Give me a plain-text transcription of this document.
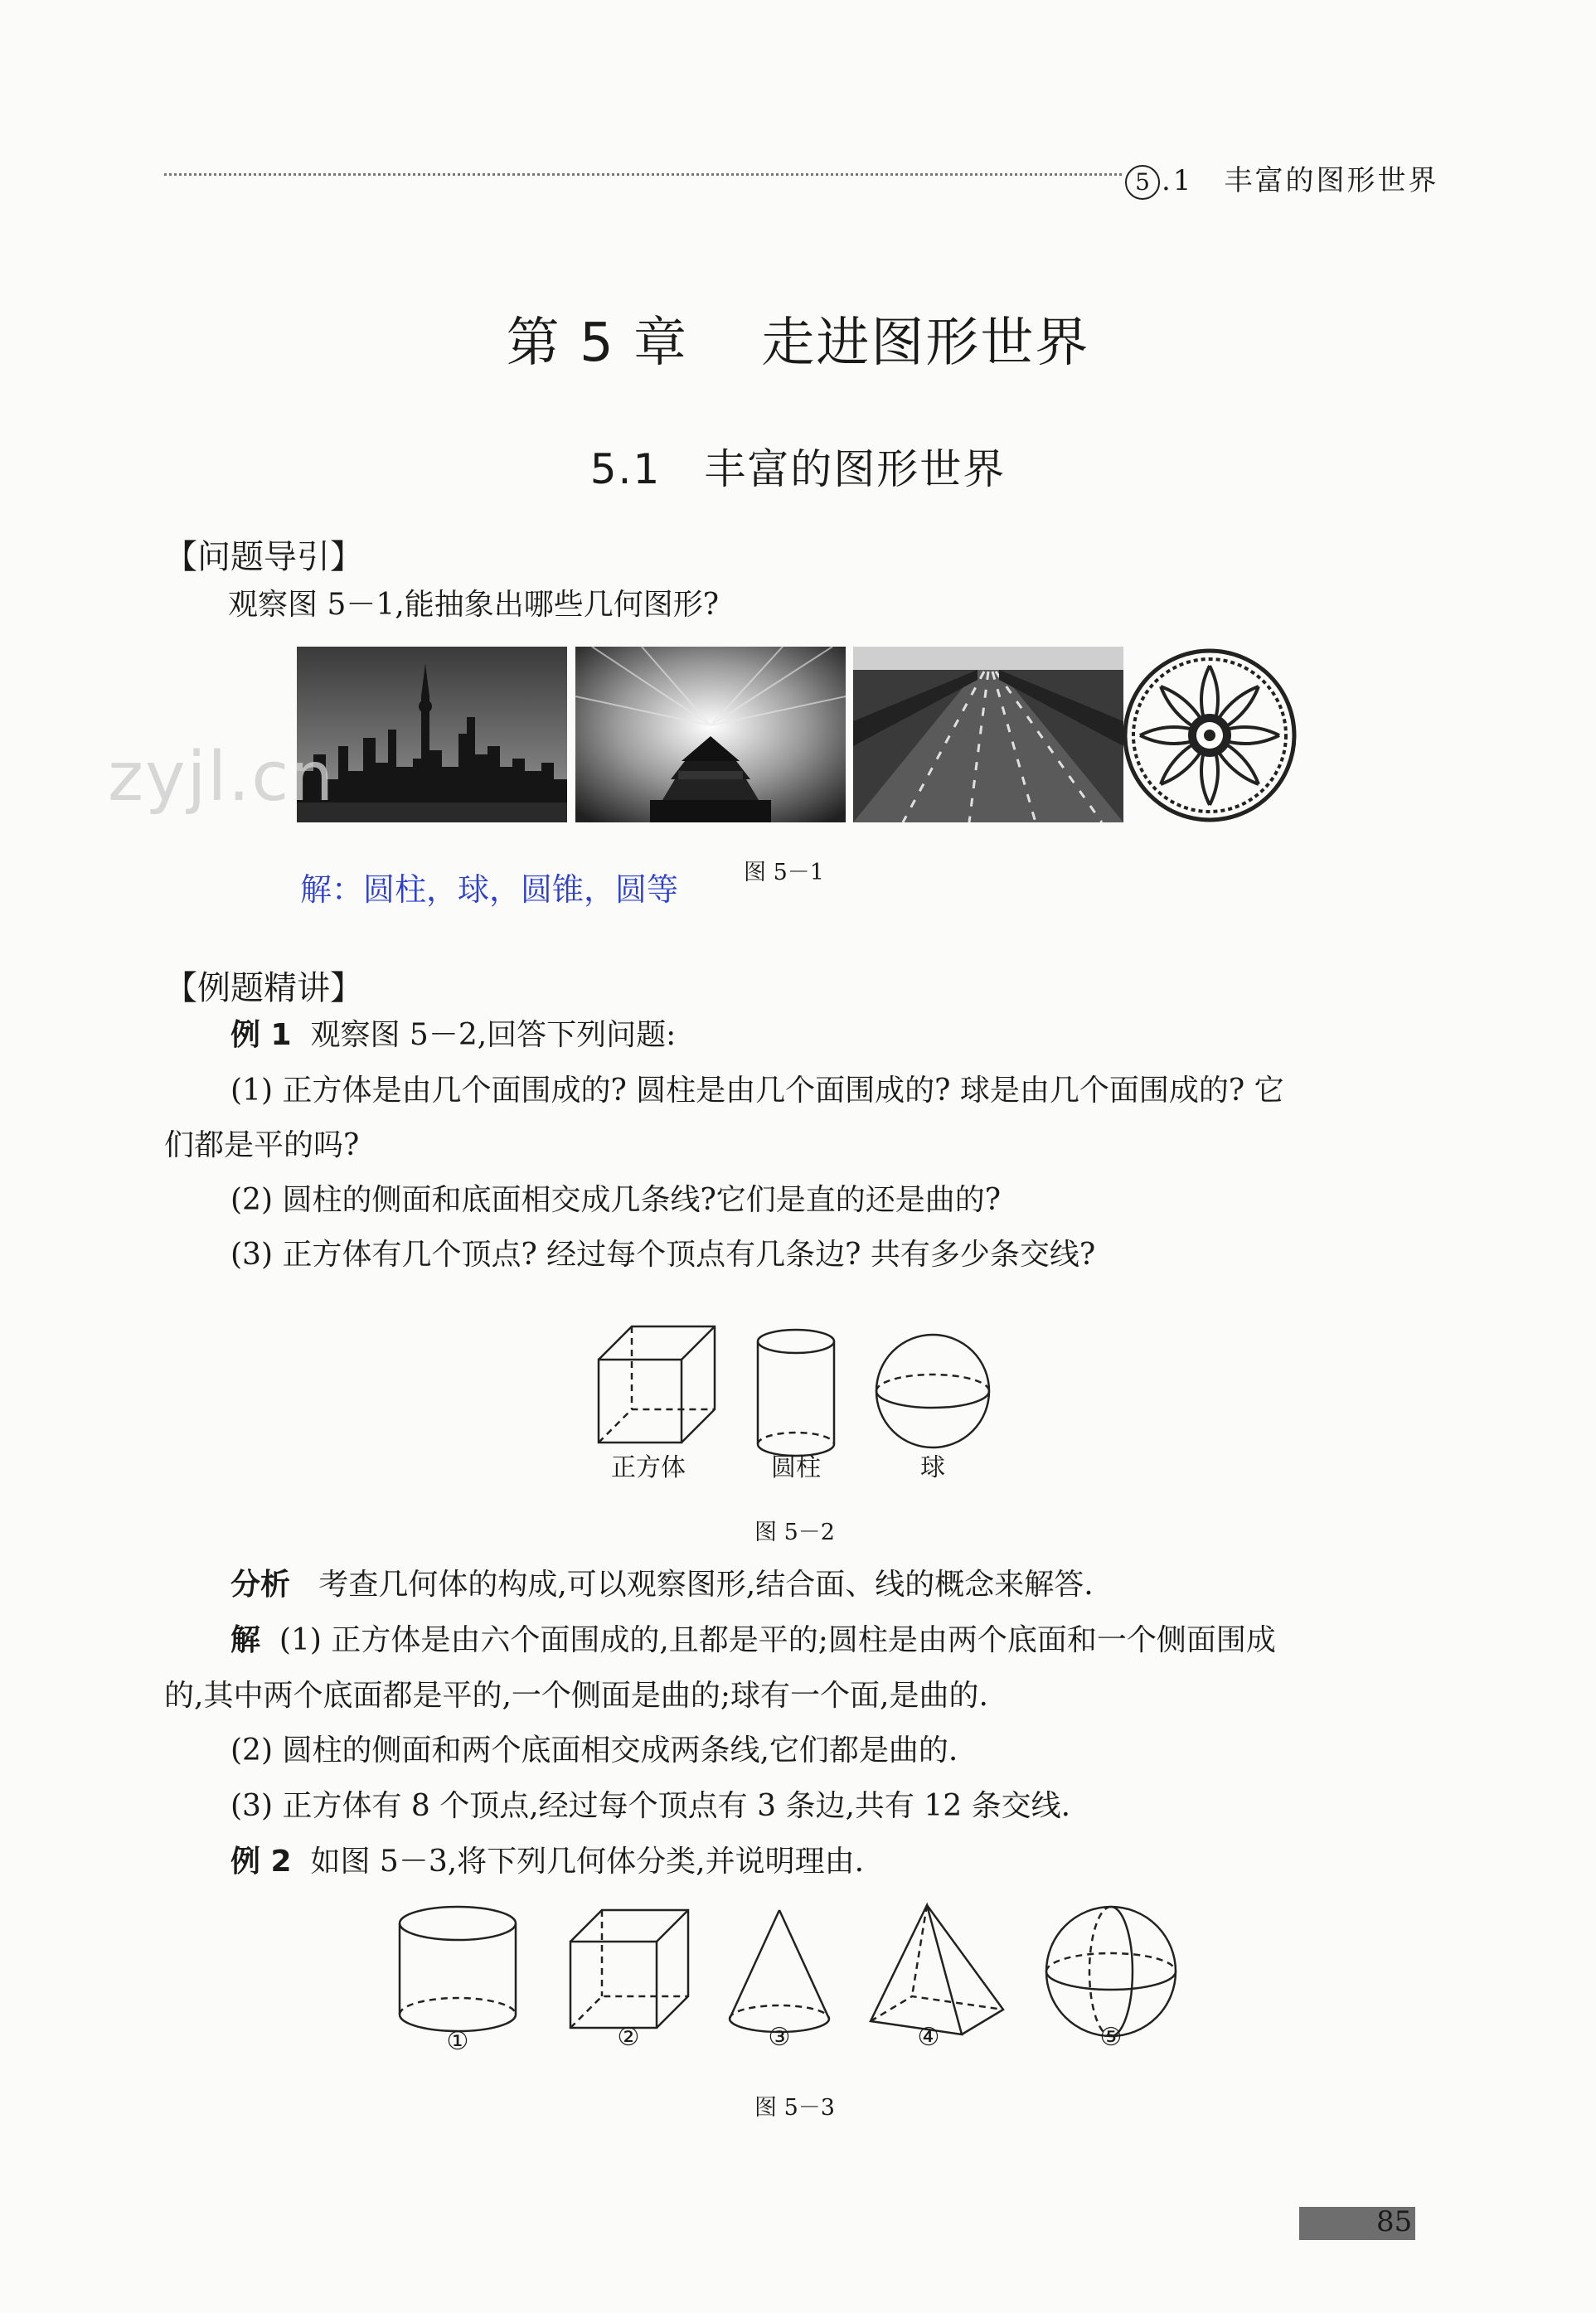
5 .1　丰富的图形世界
第 5 章　 走进图形世界
5.1　丰富的图形世界
【问题导引】
观察图 5－1,能抽象出哪些几何图形?
zyjl.cn
解：圆柱，球，圆锥，圆等	图 5－1
【例题精讲】
例 1 观察图 5－2,回答下列问题:
(1) 正方体是由几个面围成的? 圆柱是由几个面围成的? 球是由几个面围成的? 它
们都是平的吗?
(2) 圆柱的侧面和底面相交成几条线?它们是直的还是曲的?
(3) 正方体有几个顶点? 经过每个顶点有几条边? 共有多少条交线?
正方体	圆柱	球
图 5－2
分析 考查几何体的构成,可以观察图形,结合面、线的概念来解答.
解 (1) 正方体是由六个面围成的,且都是平的;圆柱是由两个底面和一个侧面围成
的,其中两个底面都是平的,一个侧面是曲的;球有一个面,是曲的.
(2) 圆柱的侧面和两个底面相交成两条线,它们都是曲的.
(3) 正方体有 8 个顶点,经过每个顶点有 3 条边,共有 12 条交线.
例 2 如图 5－3,将下列几何体分类,并说明理由.
①	②	③	④	⑤
图 5－3
85
